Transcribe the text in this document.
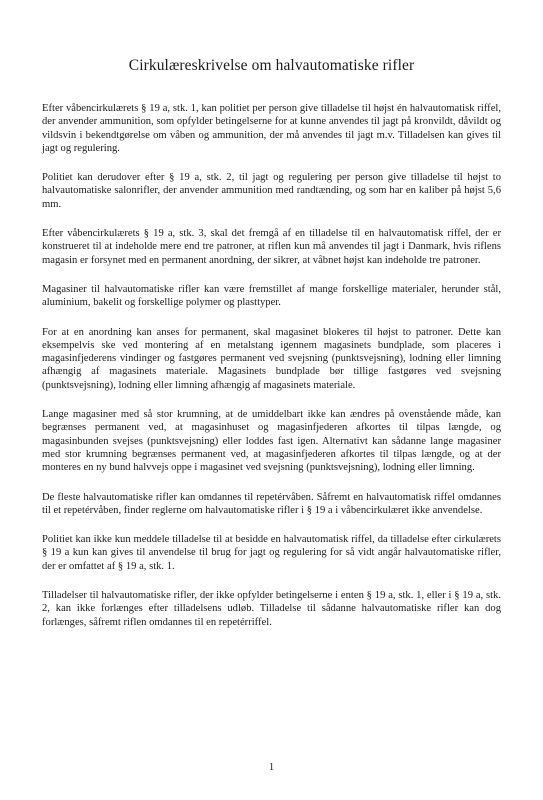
Cirkulæreskrivelse om halvautomatiske rifler

Efter våbencirkulærets § 19 a, stk. 1, kan politiet per person give tilladelse til højst én halvautomatisk riffel, der anvender ammunition, som opfylder betingelserne for at kunne anvendes til jagt på kronvildt, dåvildt og vildsvin i bekendtgørelse om våben og ammunition, der må anvendes til jagt m.v. Tilladelsen kan gives til jagt og regulering.

Politiet kan derudover efter § 19 a, stk. 2, til jagt og regulering per person give tilladelse til højst to halvautomatiske salonrifler, der anvender ammunition med randtænding, og som har en kaliber på højst 5,6 mm.

Efter våbencirkulærets § 19 a, stk. 3, skal det fremgå af en tilladelse til en halvautomatisk riffel, der er konstrueret til at indeholde mere end tre patroner, at riflen kun må anvendes til jagt i Danmark, hvis riflens magasin er forsynet med en permanent anordning, der sikrer, at våbnet højst kan indeholde tre patroner.

Magasiner til halvautomatiske rifler kan være fremstillet af mange forskellige materialer, herunder stål, aluminium, bakelit og forskellige polymer og plasttyper.

For at en anordning kan anses for permanent, skal magasinet blokeres til højst to patroner. Dette kan eksempelvis ske ved montering af en metalstang igennem magasinets bundplade, som placeres i magasinfjederens vindinger og fastgøres permanent ved svejsning (punktsvejsning), lodning eller limning afhængig af magasinets materiale. Magasinets bundplade bør tillige fastgøres ved svejsning (punktsvejsning), lodning eller limning afhængig af magasinets materiale.

Lange magasiner med så stor krumning, at de umiddelbart ikke kan ændres på ovenstående måde, kan begrænses permanent ved, at magasinhuset og magasinfjederen afkortes til tilpas længde, og magasinbunden svejses (punktsvejsning) eller loddes fast igen. Alternativt kan sådanne lange magasiner med stor krumning begrænses permanent ved, at magasinfjederen afkortes til tilpas længde, og at der monteres en ny bund halvvejs oppe i magasinet ved svejsning (punktsvejsning), lodning eller limning.

De fleste halvautomatiske rifler kan omdannes til repetérvåben. Såfremt en halvautomatisk riffel omdannes til et repetérvåben, finder reglerne om halvautomatiske rifler i § 19 a i våbencirkulæret ikke anvendelse.

Politiet kan ikke kun meddele tilladelse til at besidde en halvautomatisk riffel, da tilladelse efter cirkulærets § 19 a kun kan gives til anvendelse til brug for jagt og regulering for så vidt angår halvautomatiske rifler, der er omfattet af § 19 a, stk. 1.

Tilladelser til halvautomatiske rifler, der ikke opfylder betingelserne i enten § 19 a, stk. 1, eller i § 19 a, stk. 2, kan ikke forlænges efter tilladelsens udløb. Tilladelse til sådanne halvautomatiske rifler kan dog forlænges, såfremt riflen omdannes til en repetérriffel.

1
